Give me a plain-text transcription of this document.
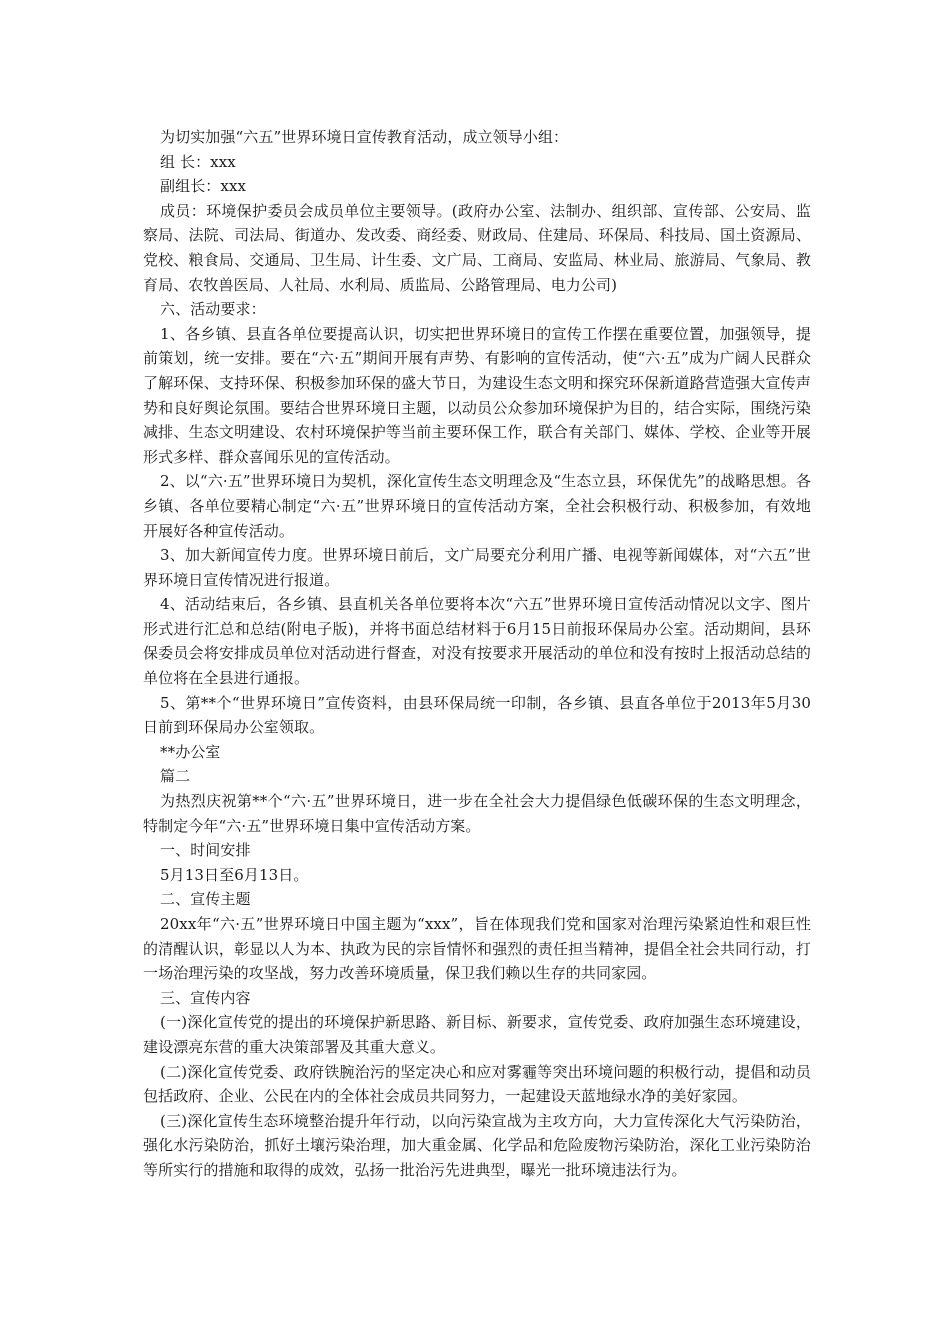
为切实加强“六五”世界环境日宣传教育活动，成立领导小组：

组 长：xxx

副组长：xxx

成员：环境保护委员会成员单位主要领导。(政府办公室、法制办、组织部、宣传部、公安局、监察局、法院、司法局、街道办、发改委、商经委、财政局、住建局、环保局、科技局、国土资源局、党校、粮食局、交通局、卫生局、计生委、文广局、工商局、安监局、林业局、旅游局、气象局、教育局、农牧兽医局、人社局、水利局、质监局、公路管理局、电力公司)

六、活动要求：

1、各乡镇、县直各单位要提高认识，切实把世界环境日的宣传工作摆在重要位置，加强领导，提前策划，统一安排。要在“六·五”期间开展有声势、有影响的宣传活动，使“六·五”成为广阔人民群众了解环保、支持环保、积极参加环保的盛大节日，为建设生态文明和探究环保新道路营造强大宣传声势和良好舆论氛围。要结合世界环境日主题，以动员公众参加环境保护为目的，结合实际，围绕污染减排、生态文明建设、农村环境保护等当前主要环保工作，联合有关部门、媒体、学校、企业等开展形式多样、群众喜闻乐见的宣传活动。

2、以“六·五”世界环境日为契机，深化宣传生态文明理念及“生态立县，环保优先”的战略思想。各乡镇、各单位要精心制定“六·五”世界环境日的宣传活动方案，全社会积极行动、积极参加，有效地开展好各种宣传活动。

3、加大新闻宣传力度。世界环境日前后，文广局要充分利用广播、电视等新闻媒体，对“六五”世界环境日宣传情况进行报道。

4、活动结束后，各乡镇、县直机关各单位要将本次“六五”世界环境日宣传活动情况以文字、图片形式进行汇总和总结(附电子版)，并将书面总结材料于6月15日前报环保局办公室。活动期间，县环保委员会将安排成员单位对活动进行督查，对没有按要求开展活动的单位和没有按时上报活动总结的单位将在全县进行通报。

5、第**个“世界环境日”宣传资料，由县环保局统一印制，各乡镇、县直各单位于2013年5月30日前到环保局办公室领取。

**办公室

篇二

为热烈庆祝第**个“六·五”世界环境日，进一步在全社会大力提倡绿色低碳环保的生态文明理念，特制定今年“六·五”世界环境日集中宣传活动方案。

一、时间安排

5月13日至6月13日。

二、宣传主题

20xx年“六·五”世界环境日中国主题为“xxx”，旨在体现我们党和国家对治理污染紧迫性和艰巨性的清醒认识，彰显以人为本、执政为民的宗旨情怀和强烈的责任担当精神，提倡全社会共同行动，打一场治理污染的攻坚战，努力改善环境质量，保卫我们赖以生存的共同家园。

三、宣传内容

(一)深化宣传党的提出的环境保护新思路、新目标、新要求，宣传党委、政府加强生态环境建设，建设漂亮东营的重大决策部署及其重大意义。

(二)深化宣传党委、政府铁腕治污的坚定决心和应对雾霾等突出环境问题的积极行动，提倡和动员包括政府、企业、公民在内的全体社会成员共同努力，一起建设天蓝地绿水净的美好家园。

(三)深化宣传生态环境整治提升年行动，以向污染宣战为主攻方向，大力宣传深化大气污染防治，强化水污染防治，抓好土壤污染治理，加大重金属、化学品和危险废物污染防治，深化工业污染防治等所实行的措施和取得的成效，弘扬一批治污先进典型，曝光一批环境违法行为。
